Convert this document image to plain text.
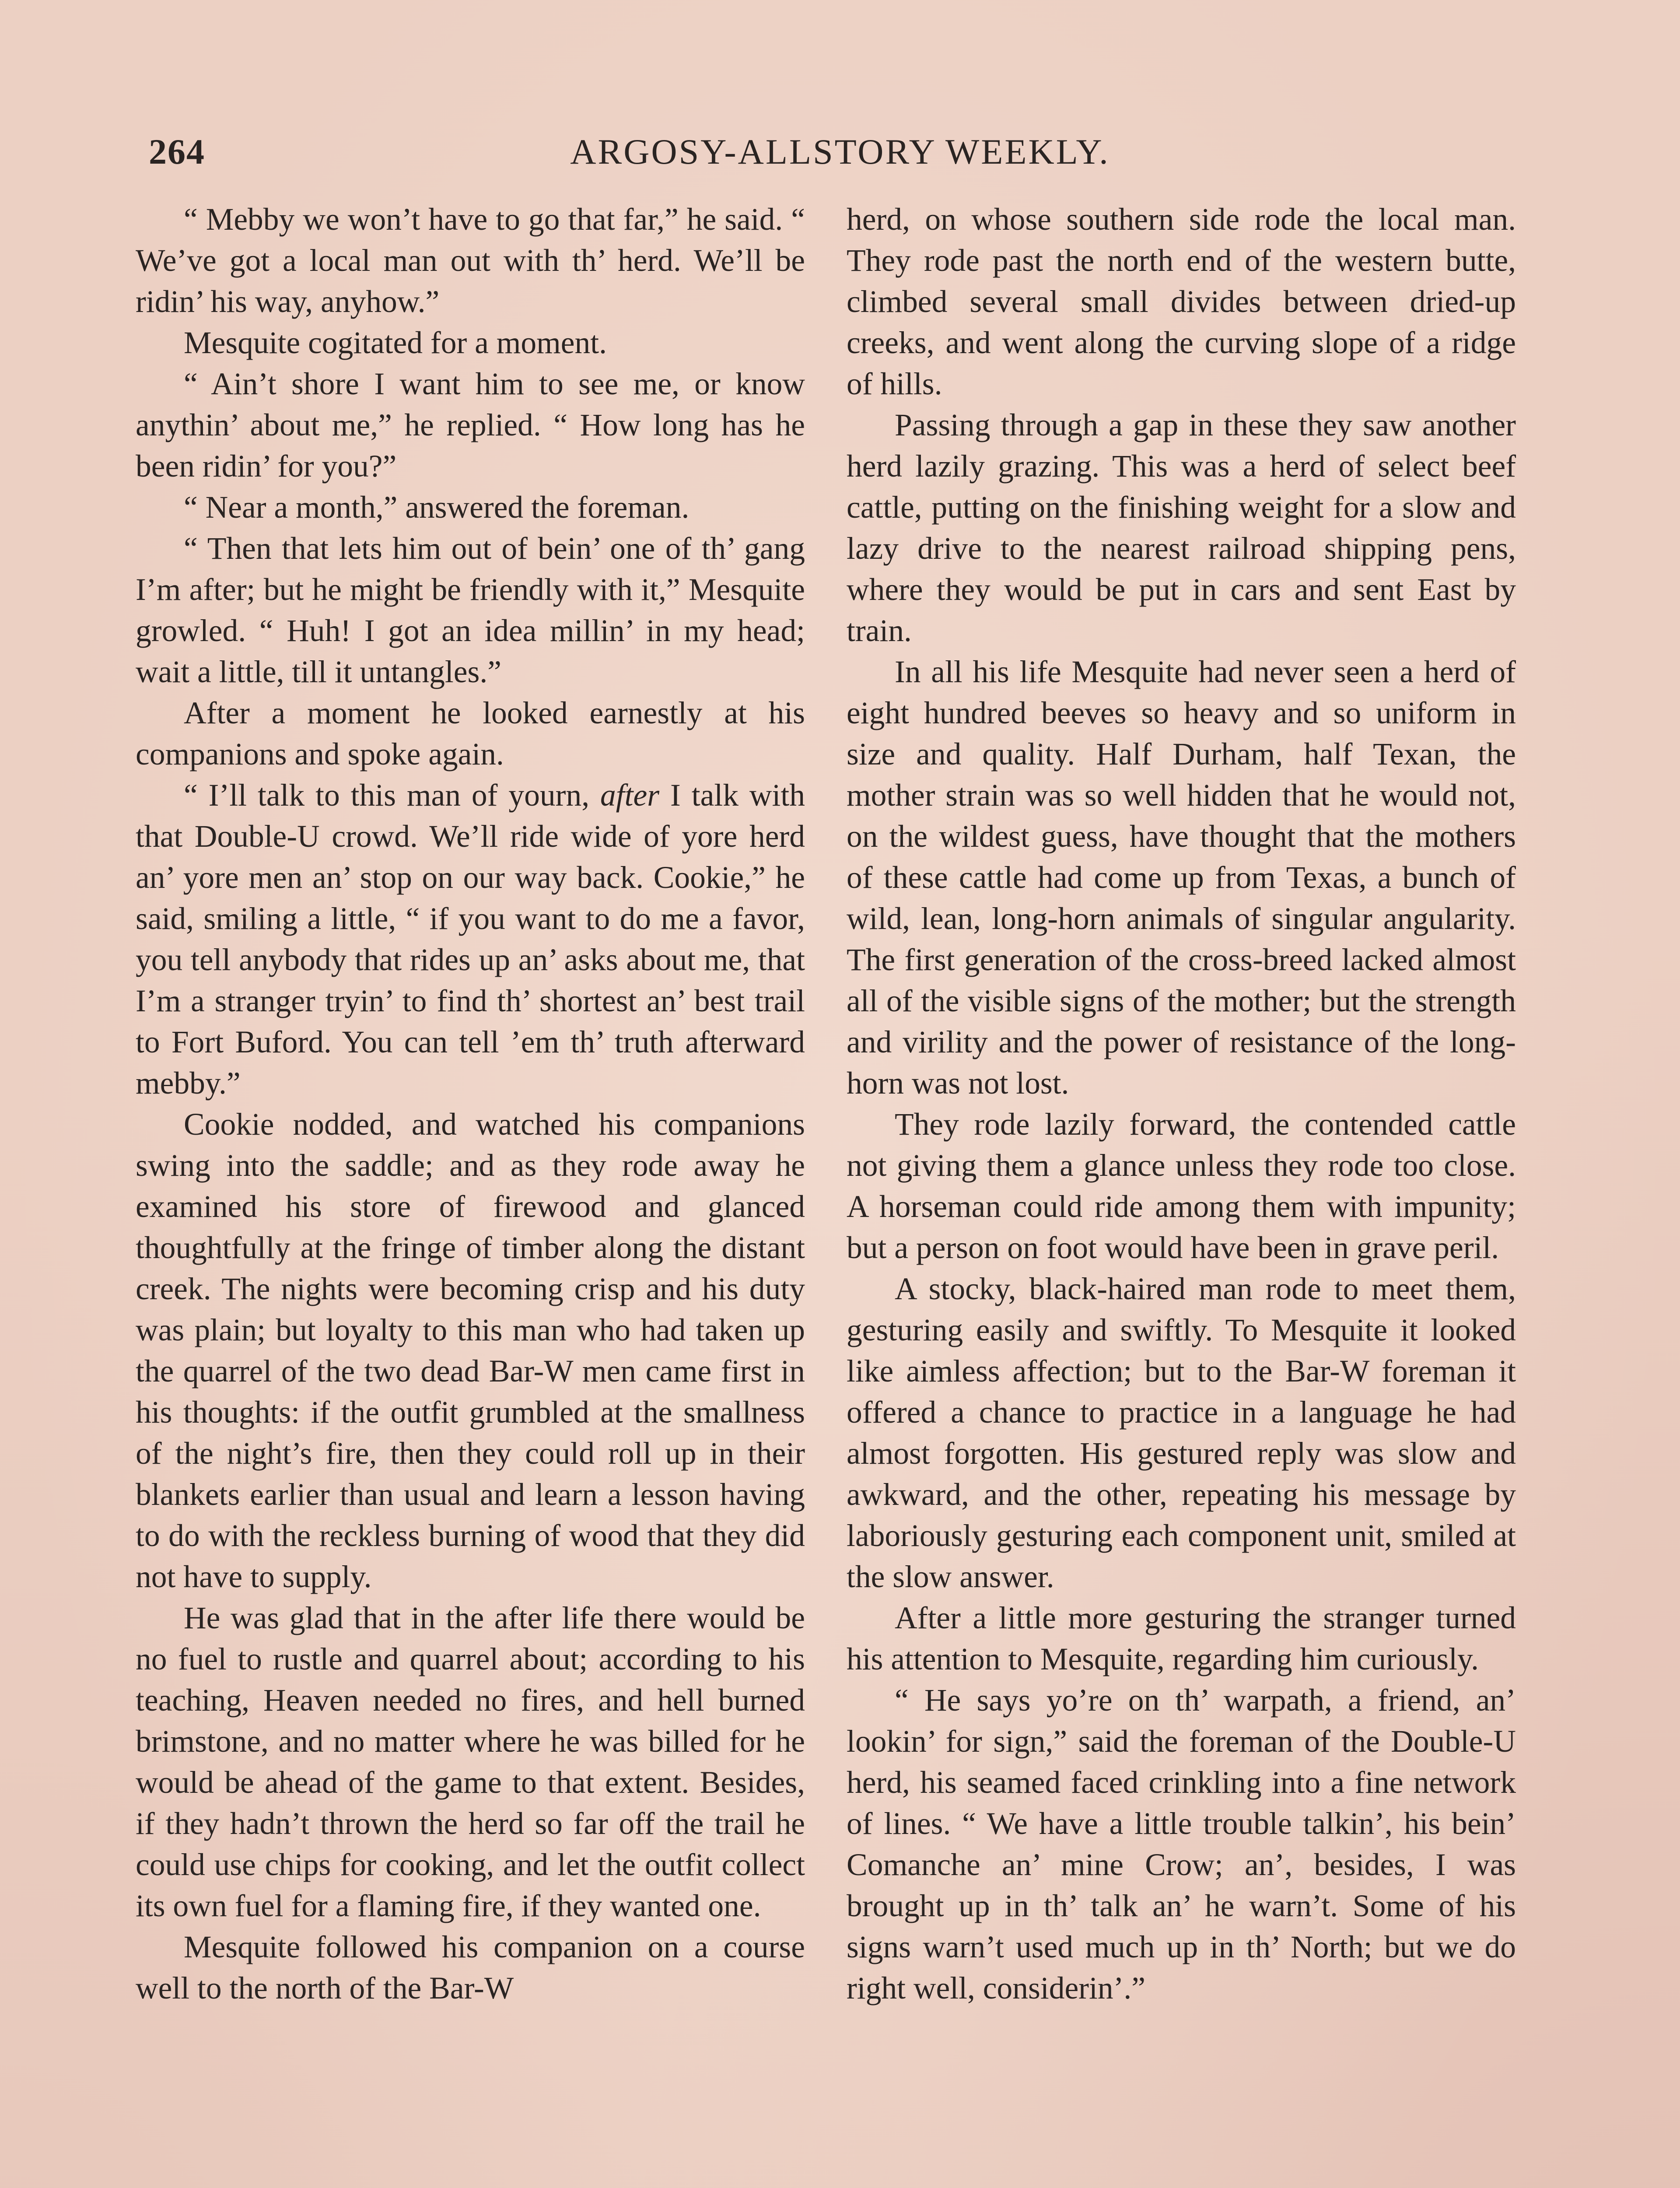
264	ARGOSY-ALLSTORY WEEKLY.

“ Mebby we won’t have to go that far,” he said. “ We’ve got a local man out with th’ herd. We’ll be ridin’ his way, anyhow.”

Mesquite cogitated for a moment.

“ Ain’t shore I want him to see me, or know anythin’ about me,” he replied. “ How long has he been ridin’ for you?”

“ Near a month,” answered the foreman.

“ Then that lets him out of bein’ one of th’ gang I’m after; but he might be friendly with it,” Mesquite growled. “ Huh! I got an idea millin’ in my head; wait a little, till it untangles.”

After a moment he looked earnestly at his companions and spoke again.

“ I’ll talk to this man of yourn, after I talk with that Double-U crowd. We’ll ride wide of yore herd an’ yore men an’ stop on our way back. Cookie,” he said, smiling a little, “ if you want to do me a favor, you tell anybody that rides up an’ asks about me, that I’m a stranger tryin’ to find th’ shortest an’ best trail to Fort Buford. You can tell ’em th’ truth afterward mebby.”

Cookie nodded, and watched his companions swing into the saddle; and as they rode away he examined his store of firewood and glanced thoughtfully at the fringe of timber along the distant creek. The nights were becoming crisp and his duty was plain; but loyalty to this man who had taken up the quarrel of the two dead Bar-W men came first in his thoughts: if the outfit grumbled at the smallness of the night’s fire, then they could roll up in their blankets earlier than usual and learn a lesson having to do with the reckless burning of wood that they did not have to supply.

He was glad that in the after life there would be no fuel to rustle and quarrel about; according to his teaching, Heaven needed no fires, and hell burned brimstone, and no matter where he was billed for he would be ahead of the game to that extent. Besides, if they hadn’t thrown the herd so far off the trail he could use chips for cooking, and let the outfit collect its own fuel for a flaming fire, if they wanted one.

Mesquite followed his companion on a course well to the north of the Bar-W

herd, on whose southern side rode the local man. They rode past the north end of the western butte, climbed several small divides between dried-up creeks, and went along the curving slope of a ridge of hills.

Passing through a gap in these they saw another herd lazily grazing. This was a herd of select beef cattle, putting on the finishing weight for a slow and lazy drive to the nearest railroad shipping pens, where they would be put in cars and sent East by train.

In all his life Mesquite had never seen a herd of eight hundred beeves so heavy and so uniform in size and quality. Half Durham, half Texan, the mother strain was so well hidden that he would not, on the wildest guess, have thought that the mothers of these cattle had come up from Texas, a bunch of wild, lean, long-horn animals of singular angularity. The first generation of the cross-breed lacked almost all of the visible signs of the mother; but the strength and virility and the power of resistance of the long-horn was not lost.

They rode lazily forward, the contended cattle not giving them a glance unless they rode too close. A horseman could ride among them with impunity; but a person on foot would have been in grave peril.

A stocky, black-haired man rode to meet them, gesturing easily and swiftly. To Mesquite it looked like aimless affection; but to the Bar-W foreman it offered a chance to practice in a language he had almost forgotten. His gestured reply was slow and awkward, and the other, repeating his message by laboriously gesturing each component unit, smiled at the slow answer.

After a little more gesturing the stranger turned his attention to Mesquite, regarding him curiously.

“ He says yo’re on th’ warpath, a friend, an’ lookin’ for sign,” said the foreman of the Double-U herd, his seamed faced crinkling into a fine network of lines. “ We have a little trouble talkin’, his bein’ Comanche an’ mine Crow; an’, besides, I was brought up in th’ talk an’ he warn’t. Some of his signs warn’t used much up in th’ North; but we do right well, considerin’.”
